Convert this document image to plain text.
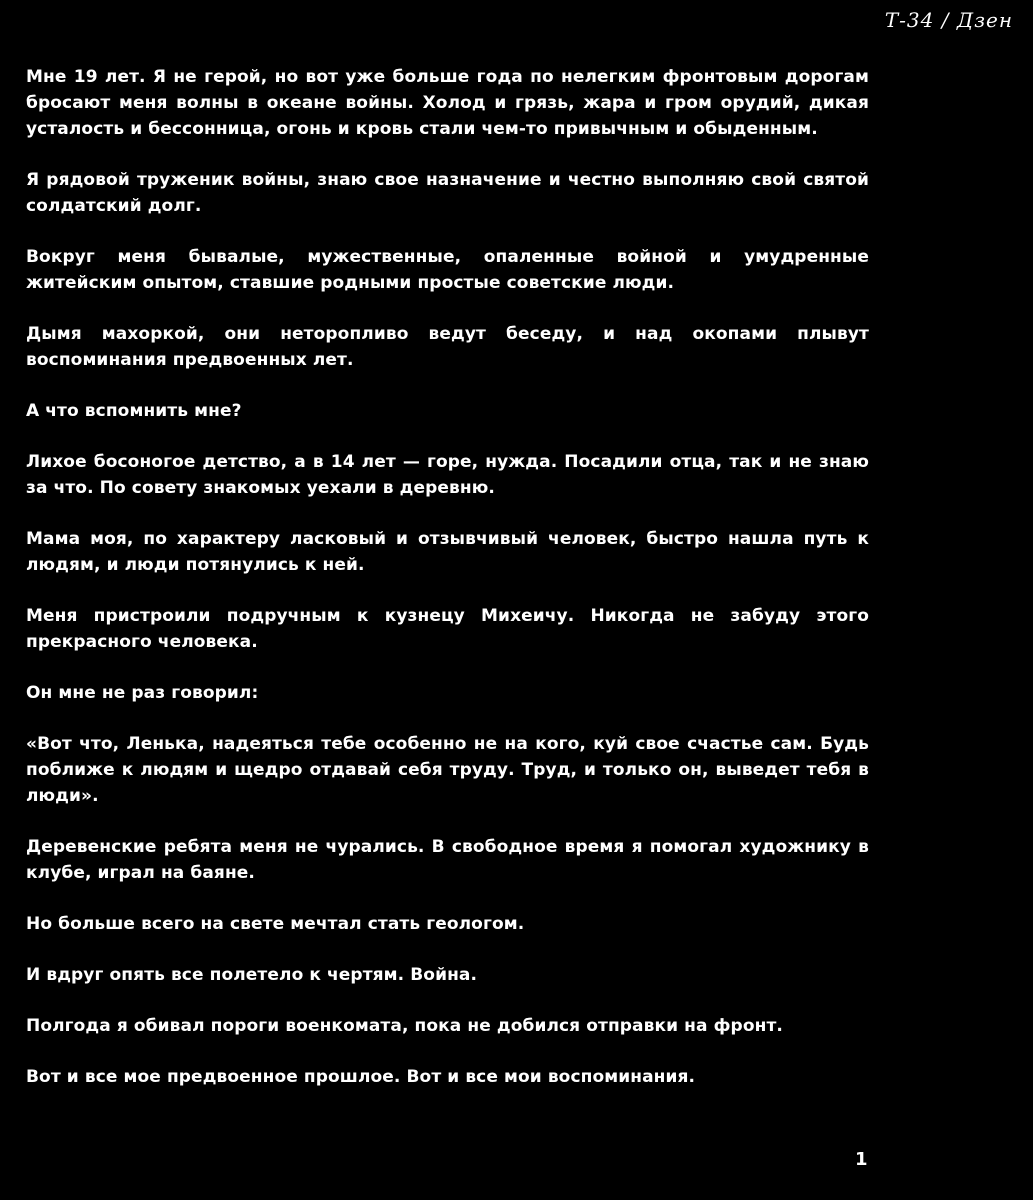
Т-34 / Дзен

Мне 19 лет. Я не герой, но вот уже больше года по нелегким фронтовым дорогам бросают меня волны в океане войны. Холод и грязь, жара и гром орудий, дикая усталость и бессонница, огонь и кровь стали чем-то привычным и обыденным.

Я рядовой труженик войны, знаю свое назначение и честно выполняю свой святой солдатский долг.

Вокруг меня бывалые, мужественные, опаленные войной и умудренные житейским опытом, ставшие родными простые советские люди.

Дымя махоркой, они неторопливо ведут беседу, и над окопами плывут воспоминания предвоенных лет.

А что вспомнить мне?

Лихое босоногое детство, а в 14 лет — горе, нужда. Посадили отца, так и не знаю за что. По совету знакомых уехали в деревню.

Мама моя, по характеру ласковый и отзывчивый человек, быстро нашла путь к людям, и люди потянулись к ней.

Меня пристроили подручным к кузнецу Михеичу. Никогда не забуду этого прекрасного человека.

Он мне не раз говорил:

«Вот что, Ленька, надеяться тебе особенно не на кого, куй свое счастье сам. Будь поближе к людям и щедро отдавай себя труду. Труд, и только он, выведет тебя в люди».

Деревенские ребята меня не чурались. В свободное время я помогал художнику в клубе, играл на баяне.

Но больше всего на свете мечтал стать геологом.

И вдруг опять все полетело к чертям. Война.

Полгода я обивал пороги военкомата, пока не добился отправки на фронт.

Вот и все мое предвоенное прошлое. Вот и все мои воспоминания.

1
